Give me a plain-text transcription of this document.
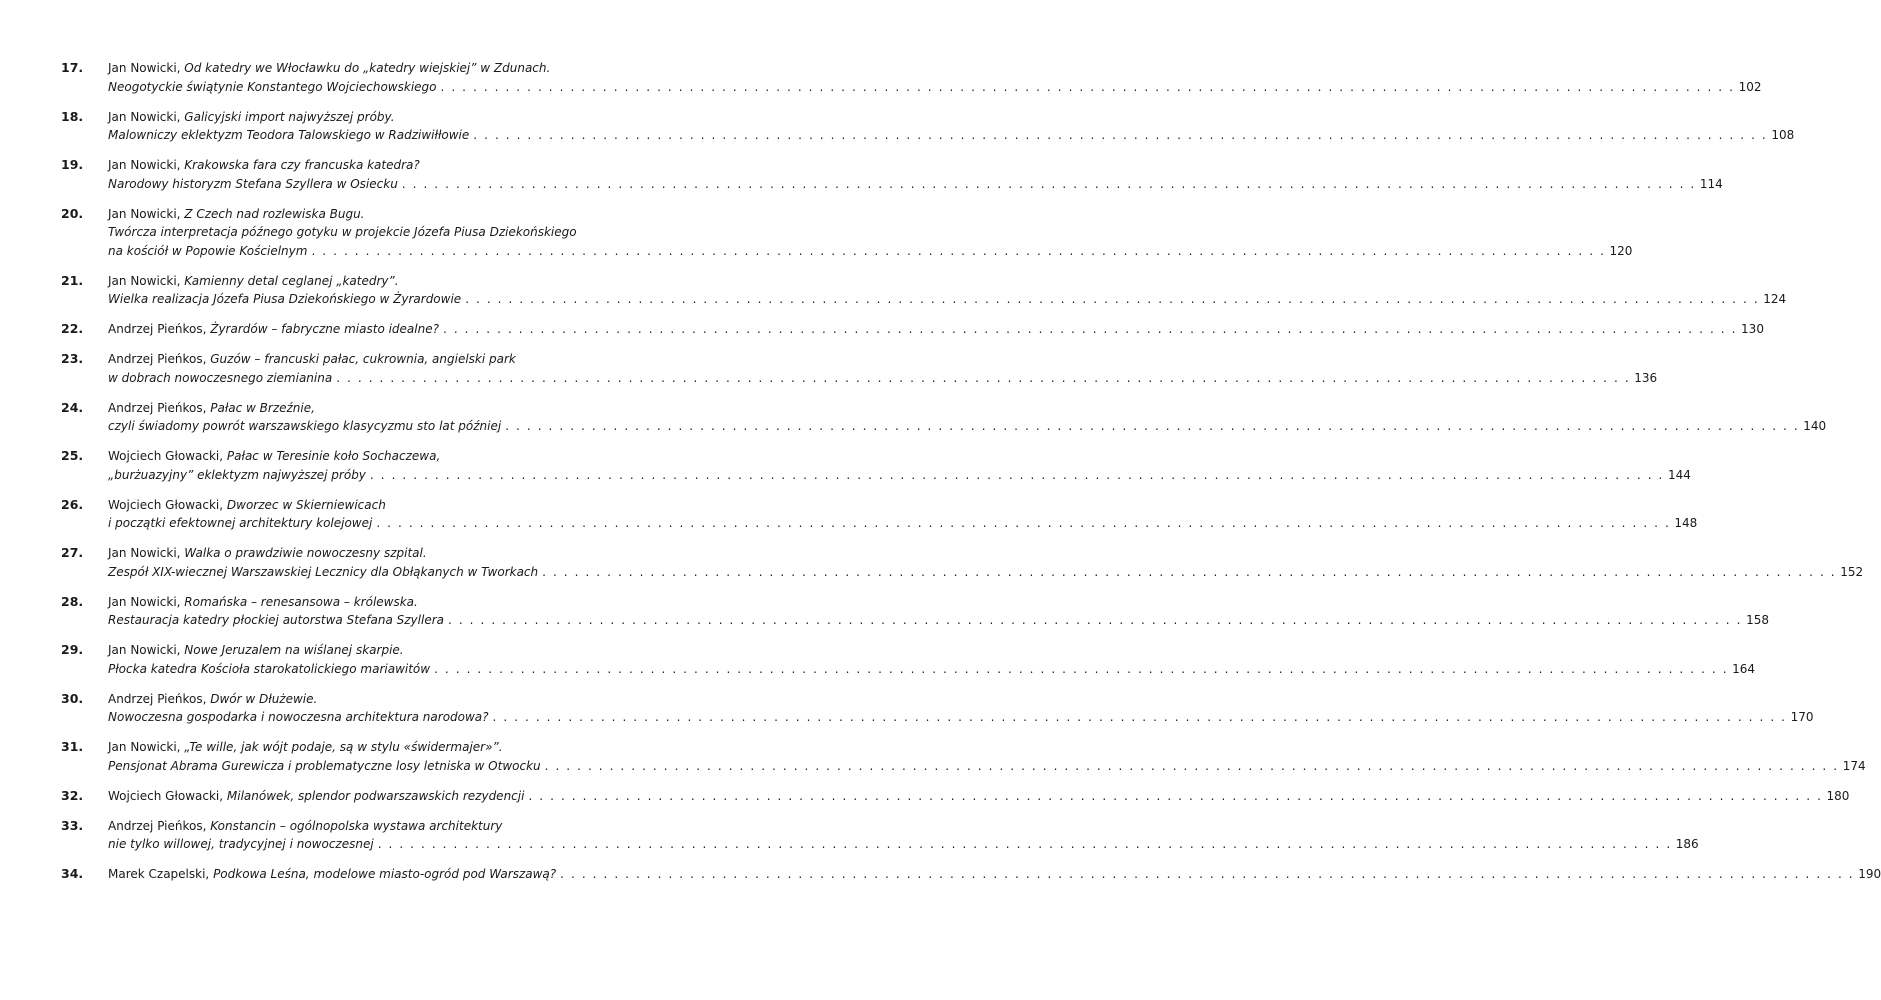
17. Jan Nowicki, Od katedry we Włocławku do „katedry wiejskiej” w Zdunach.
Neogotyckie świątynie Konstantego Wojciechowskiego . . . . . . . . . . . . . . . . . . . . . . . . . . . . . . . . . . . . . . . . . . . . . . . . . . . . . . . . . . . . . . . . . . . . . . . . . . . . . . . . . . . . . . . . . . . . . . . . . . . . . . . . . . . . . . . . . . . . . . . . 102
18. Jan Nowicki, Galicyjski import najwyższej próby.
Malowniczy eklektyzm Teodora Talowskiego w Radziwiłłowie . . . . . . . . . . . . . . . . . . . . . . . . . . . . . . . . . . . . . . . . . . . . . . . . . . . . . . . . . . . . . . . . . . . . . . . . . . . . . . . . . . . . . . . . . . . . . . . . . . . . . . . . . . . . . . . . . . . . . . . . 108
19. Jan Nowicki, Krakowska fara czy francuska katedra?
Narodowy historyzm Stefana Szyllera w Osiecku . . . . . . . . . . . . . . . . . . . . . . . . . . . . . . . . . . . . . . . . . . . . . . . . . . . . . . . . . . . . . . . . . . . . . . . . . . . . . . . . . . . . . . . . . . . . . . . . . . . . . . . . . . . . . . . . . . . . . . . . 114
20. Jan Nowicki, Z Czech nad rozlewiska Bugu.
Twórcza interpretacja późnego gotyku w projekcie Józefa Piusa Dziekońskiego
na kościół w Popowie Kościelnym . . . . . . . . . . . . . . . . . . . . . . . . . . . . . . . . . . . . . . . . . . . . . . . . . . . . . . . . . . . . . . . . . . . . . . . . . . . . . . . . . . . . . . . . . . . . . . . . . . . . . . . . . . . . . . . . . . . . . . . . 120
21. Jan Nowicki, Kamienny detal ceglanej „katedry”.
Wielka realizacja Józefa Piusa Dziekońskiego w Żyrardowie . . . . . . . . . . . . . . . . . . . . . . . . . . . . . . . . . . . . . . . . . . . . . . . . . . . . . . . . . . . . . . . . . . . . . . . . . . . . . . . . . . . . . . . . . . . . . . . . . . . . . . . . . . . . . . . . . . . . . . . . 124
22. Andrzej Pieńkos, Żyrardów – fabryczne miasto idealne? . . . . . . . . . . . . . . . . . . . . . . . . . . . . . . . . . . . . . . . . . . . . . . . . . . . . . . . . . . . . . . . . . . . . . . . . . . . . . . . . . . . . . . . . . . . . . . . . . . . . . . . . . . . . . . . . . . . . . . . . 130
23. Andrzej Pieńkos, Guzów – francuski pałac, cukrownia, angielski park
w dobrach nowoczesnego ziemianina . . . . . . . . . . . . . . . . . . . . . . . . . . . . . . . . . . . . . . . . . . . . . . . . . . . . . . . . . . . . . . . . . . . . . . . . . . . . . . . . . . . . . . . . . . . . . . . . . . . . . . . . . . . . . . . . . . . . . . . . 136
24. Andrzej Pieńkos, Pałac w Brzeźnie,
czyli świadomy powrót warszawskiego klasycyzmu sto lat później . . . . . . . . . . . . . . . . . . . . . . . . . . . . . . . . . . . . . . . . . . . . . . . . . . . . . . . . . . . . . . . . . . . . . . . . . . . . . . . . . . . . . . . . . . . . . . . . . . . . . . . . . . . . . . . . . . . . . . . . 140
25. Wojciech Głowacki, Pałac w Teresinie koło Sochaczewa,
„burżuazyjny” eklektyzm najwyższej próby . . . . . . . . . . . . . . . . . . . . . . . . . . . . . . . . . . . . . . . . . . . . . . . . . . . . . . . . . . . . . . . . . . . . . . . . . . . . . . . . . . . . . . . . . . . . . . . . . . . . . . . . . . . . . . . . . . . . . . . . 144
26. Wojciech Głowacki, Dworzec w Skierniewicach
i początki efektownej architektury kolejowej . . . . . . . . . . . . . . . . . . . . . . . . . . . . . . . . . . . . . . . . . . . . . . . . . . . . . . . . . . . . . . . . . . . . . . . . . . . . . . . . . . . . . . . . . . . . . . . . . . . . . . . . . . . . . . . . . . . . . . . . 148
27. Jan Nowicki, Walka o prawdziwie nowoczesny szpital.
Zespół XIX-wiecznej Warszawskiej Lecznicy dla Obłąkanych w Tworkach . . . . . . . . . . . . . . . . . . . . . . . . . . . . . . . . . . . . . . . . . . . . . . . . . . . . . . . . . . . . . . . . . . . . . . . . . . . . . . . . . . . . . . . . . . . . . . . . . . . . . . . . . . . . . . . . . . . . . . . . 152
28. Jan Nowicki, Romańska – renesansowa – królewska.
Restauracja katedry płockiej autorstwa Stefana Szyllera . . . . . . . . . . . . . . . . . . . . . . . . . . . . . . . . . . . . . . . . . . . . . . . . . . . . . . . . . . . . . . . . . . . . . . . . . . . . . . . . . . . . . . . . . . . . . . . . . . . . . . . . . . . . . . . . . . . . . . . . 158
29. Jan Nowicki, Nowe Jeruzalem na wiślanej skarpie.
Płocka katedra Kościoła starokatolickiego mariawitów . . . . . . . . . . . . . . . . . . . . . . . . . . . . . . . . . . . . . . . . . . . . . . . . . . . . . . . . . . . . . . . . . . . . . . . . . . . . . . . . . . . . . . . . . . . . . . . . . . . . . . . . . . . . . . . . . . . . . . . . 164
30. Andrzej Pieńkos, Dwór w Dłużewie.
Nowoczesna gospodarka i nowoczesna architektura narodowa? . . . . . . . . . . . . . . . . . . . . . . . . . . . . . . . . . . . . . . . . . . . . . . . . . . . . . . . . . . . . . . . . . . . . . . . . . . . . . . . . . . . . . . . . . . . . . . . . . . . . . . . . . . . . . . . . . . . . . . . . 170
31. Jan Nowicki, „Te wille, jak wójt podaje, są w stylu «świdermajer»”.
Pensjonat Abrama Gurewicza i problematyczne losy letniska w Otwocku . . . . . . . . . . . . . . . . . . . . . . . . . . . . . . . . . . . . . . . . . . . . . . . . . . . . . . . . . . . . . . . . . . . . . . . . . . . . . . . . . . . . . . . . . . . . . . . . . . . . . . . . . . . . . . . . . . . . . . . . 174
32. Wojciech Głowacki, Milanówek, splendor podwarszawskich rezydencji . . . . . . . . . . . . . . . . . . . . . . . . . . . . . . . . . . . . . . . . . . . . . . . . . . . . . . . . . . . . . . . . . . . . . . . . . . . . . . . . . . . . . . . . . . . . . . . . . . . . . . . . . . . . . . . . . . . . . . . . 180
33. Andrzej Pieńkos, Konstancin – ogólnopolska wystawa architektury
nie tylko willowej, tradycyjnej i nowoczesnej . . . . . . . . . . . . . . . . . . . . . . . . . . . . . . . . . . . . . . . . . . . . . . . . . . . . . . . . . . . . . . . . . . . . . . . . . . . . . . . . . . . . . . . . . . . . . . . . . . . . . . . . . . . . . . . . . . . . . . . . 186
34. Marek Czapelski, Podkowa Leśna, modelowe miasto-ogród pod Warszawą? . . . . . . . . . . . . . . . . . . . . . . . . . . . . . . . . . . . . . . . . . . . . . . . . . . . . . . . . . . . . . . . . . . . . . . . . . . . . . . . . . . . . . . . . . . . . . . . . . . . . . . . . . . . . . . . . . . . . . . . . 190
